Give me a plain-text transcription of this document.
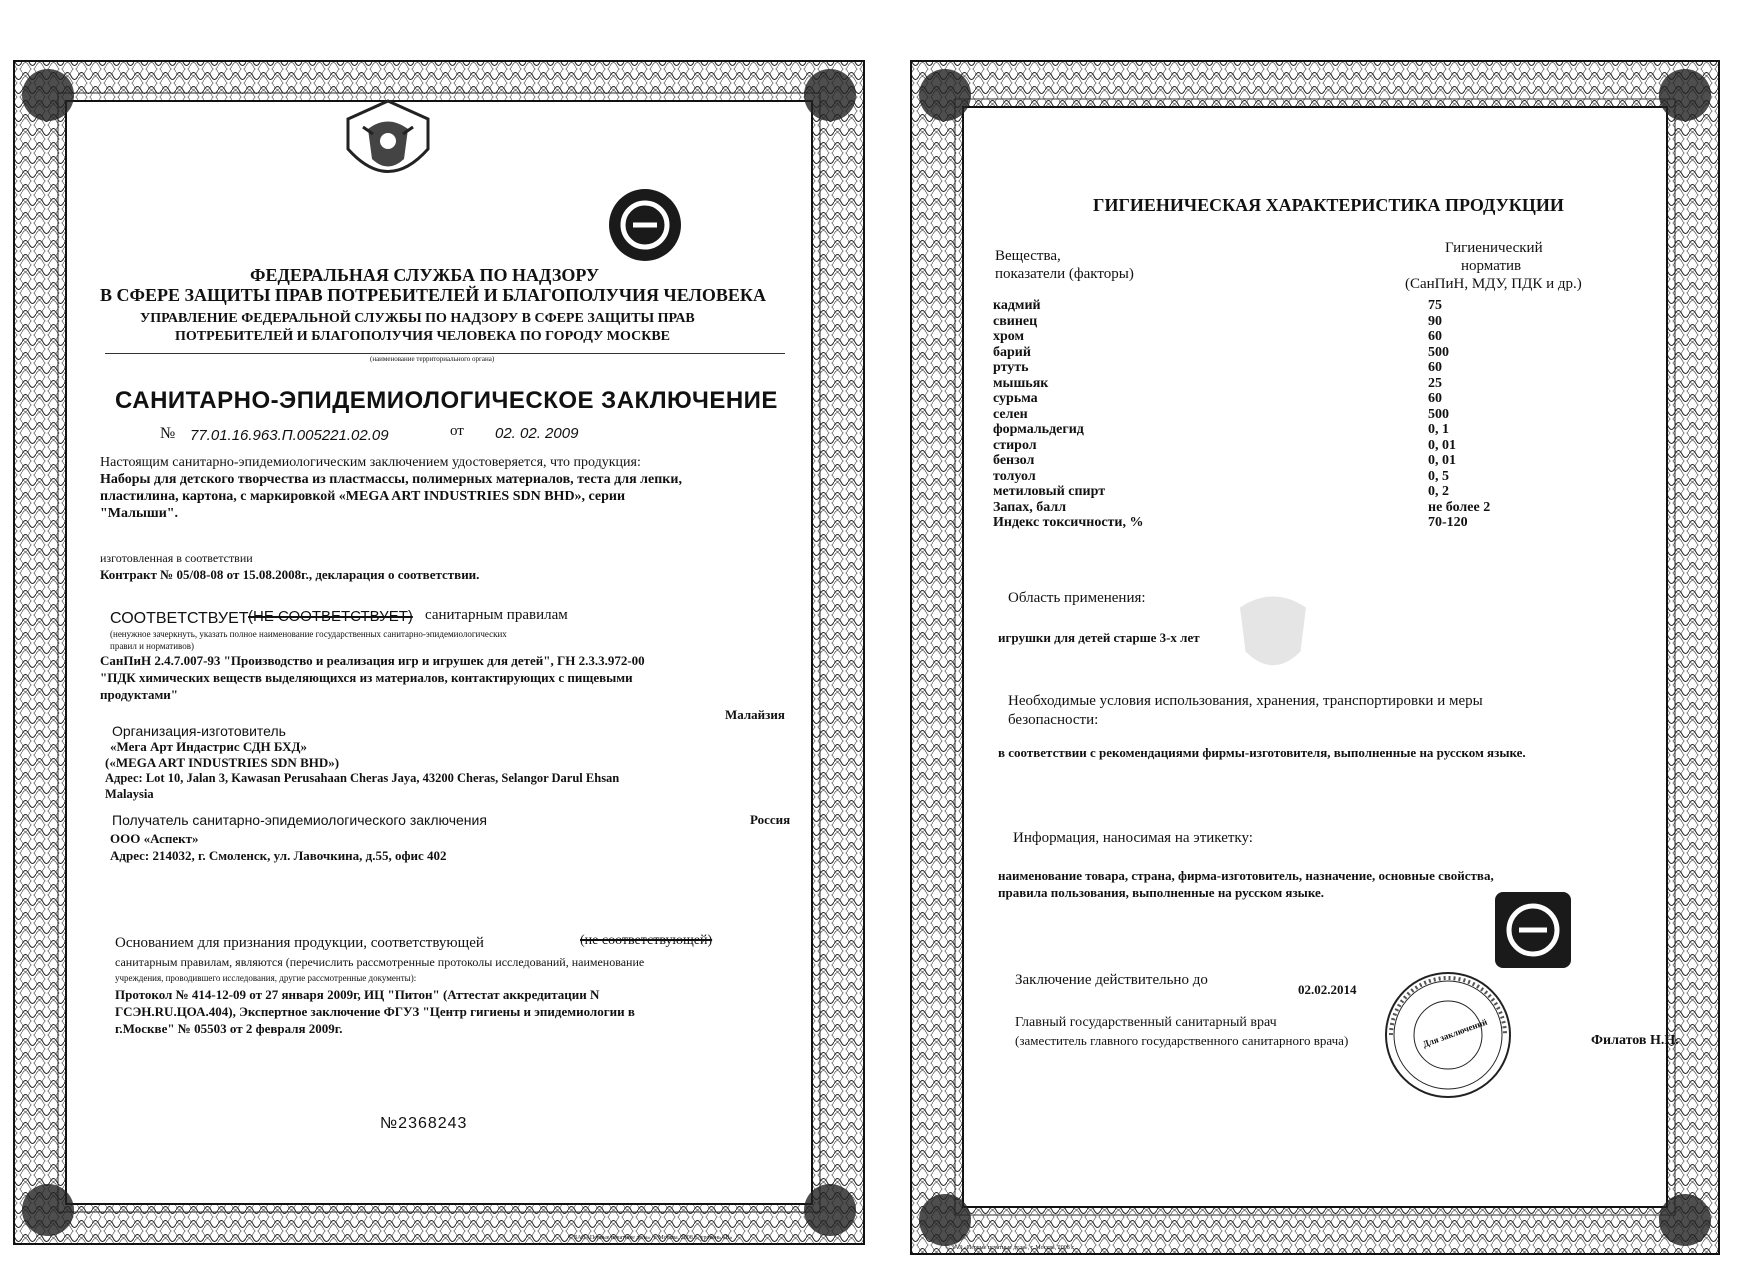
ФЕДЕРАЛЬНАЯ СЛУЖБА ПО НАДЗОРУ
В СФЕРЕ ЗАЩИТЫ ПРАВ ПОТРЕБИТЕЛЕЙ И БЛАГОПОЛУЧИЯ ЧЕЛОВЕКА
УПРАВЛЕНИЕ ФЕДЕРАЛЬНОЙ СЛУЖБЫ ПО НАДЗОРУ В СФЕРЕ ЗАЩИТЫ ПРАВ
ПОТРЕБИТЕЛЕЙ И БЛАГОПОЛУЧИЯ ЧЕЛОВЕКА ПО ГОРОДУ МОСКВЕ
(наименование территориального органа)
САНИТАРНО-ЭПИДЕМИОЛОГИЧЕСКОЕ ЗАКЛЮЧЕНИЕ
№ 77.01.16.963.П.005221.02.09	от 02. 02. 2009
Настоящим санитарно-эпидемиологическим заключением удостоверяется, что продукция:
Наборы для детского творчества из пластмассы, полимерных материалов, теста для лепки,
пластилина, картона, с маркировкой «MEGA ART INDUSTRIES SDN BHD», серии
"Малыши".
изготовленная в соответствии
Контракт № 05/08-08 от 15.08.2008г., декларация о соответствии.
СООТВЕТСТВУЕТ (НЕ СООТВЕТСТВУЕТ) санитарным правилам
(ненужное зачеркнуть, указать полное наименование государственных санитарно-эпидемиологических
правил и нормативов)
СанПиН 2.4.7.007-93 "Производство и реализация игр и игрушек для детей", ГН 2.3.3.972-00
"ПДК химических веществ выделяющихся из материалов, контактирующих с пищевыми
продуктами"
Малайзия
Организация-изготовитель
«Мега Арт Индастрис СДН БХД»
(«MEGA ART INDUSTRIES SDN BHD»)
Адрес: Lot 10, Jalan 3, Kawasan Perusahaan Cheras Jaya, 43200 Cheras, Selangor Darul Ehsan
Malaysia
Получатель санитарно-эпидемиологического заключения	Россия
ООО «Аспект»
Адрес: 214032, г. Смоленск, ул. Лавочкина, д.55, офис 402
Основанием для признания продукции, соответствующей	(не соответствующей)
санитарным правилам, являются (перечислить рассмотренные протоколы исследований, наименование
учреждения, проводившего исследования, другие рассмотренные документы):
Протокол № 414-12-09 от 27 января 2009г, ИЦ "Питон" (Аттестат аккредитации N
ГСЭН.RU.ЦОА.404), Экспертное заключение ФГУЗ "Центр гигиены и эпидемиологии в
г.Москве" № 05503 от 2 февраля 2009г.
№2368243
© ЗАО «Первые печатные дела», г. Москва, 2008 г., уровень «В»
ГИГИЕНИЧЕСКАЯ ХАРАКТЕРИСТИКА ПРОДУКЦИИ
Вещества,
показатели (факторы)
Гигиенический
норматив
(СанПиН, МДУ, ПДК и др.)
кадмий	75
свинец	90
хром	60
барий	500
ртуть	60
мышьяк	25
сурьма	60
селен	500
формальдегид	0, 1
стирол	0, 01
бензол	0, 01
толуол	0, 5
метиловый спирт	0, 2
Запах, балл	не более 2
Индекс токсичности, %	70-120
Область применения:
игрушки для детей старше 3-х лет
Необходимые условия использования, хранения, транспортировки и меры
безопасности:
в соответствии с рекомендациями фирмы-изготовителя, выполненные на русском языке.
Информация, наносимая на этикетку:
наименование товара, страна, фирма-изготовитель, назначение, основные свойства,
правила пользования, выполненные на русском языке.
Заключение действительно до
02.02.2014
Главный государственный санитарный врач
(заместитель главного государственного санитарного врача)	Филатов Н.Н.
Для заключений
© ЗАО «Первые печатные дела», г. Москва, 2008 г.
